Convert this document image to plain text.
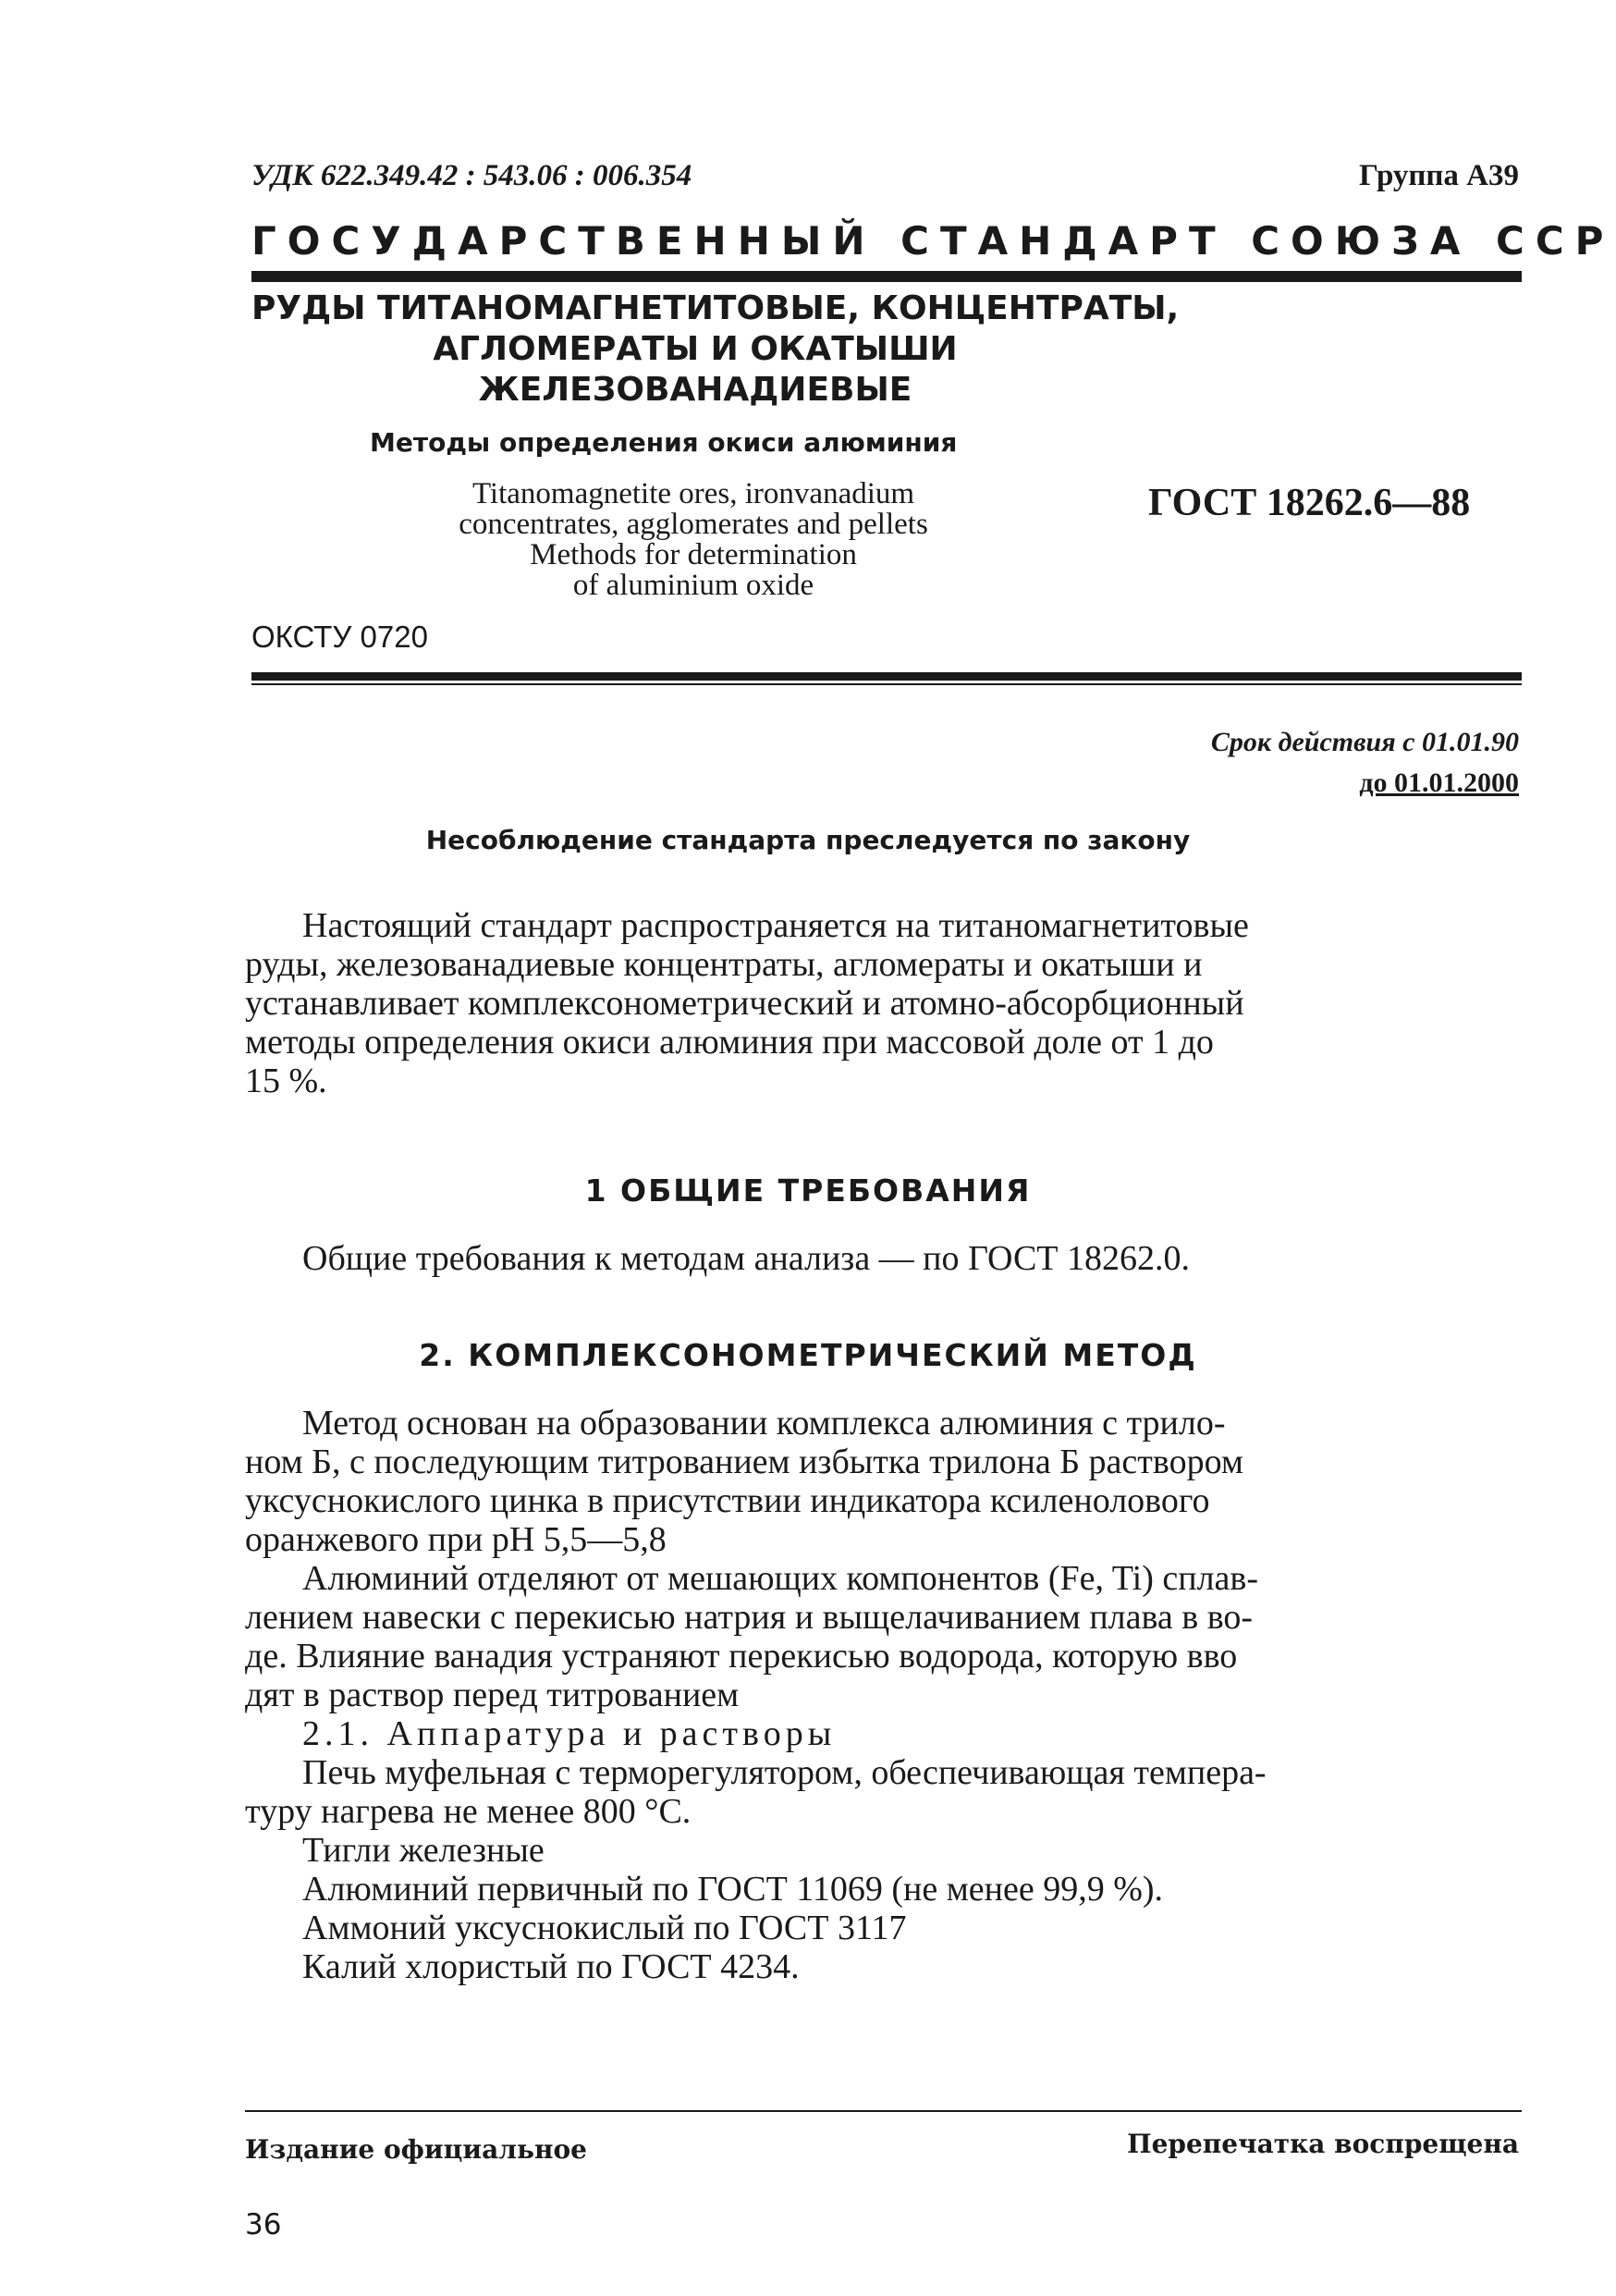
УДК 622.349.42 : 543.06 : 006.354	Группа А39
ГОСУДАРСТВЕННЫЙ СТАНДАРТ СОЮЗА ССР
РУДЫ ТИТАНОМАГНЕТИТОВЫЕ, КОНЦЕНТРАТЫ,
АГЛОМЕРАТЫ И ОКАТЫШИ
ЖЕЛЕЗОВАНАДИЕВЫЕ
Методы определения окиси алюминия
Titanomagnetite ores, ironvanadium
concentrates, agglomerates and pellets
Methods for determination
of aluminium oxide
ГОСТ 18262.6—88
ОКСТУ 0720
Срок действия с 01.01.90
до 01.01.2000
Несоблюдение стандарта преследуется по закону
Настоящий стандарт распространяется на титаномагнетитовые
руды, железованадиевые концентраты, агломераты и окатыши и
устанавливает комплексонометрический и атомно-абсорбционный
методы определения окиси алюминия при массовой доле от 1 до
15 %.
1 ОБЩИЕ ТРЕБОВАНИЯ
Общие требования к методам анализа — по ГОСТ 18262.0.
2. КОМПЛЕКСОНОМЕТРИЧЕСКИЙ МЕТОД
Метод основан на образовании комплекса алюминия с трило-
ном Б, с последующим титрованием избытка трилона Б раствором
уксуснокислого цинка в присутствии индикатора ксиленолового
оранжевого при pH 5,5—5,8
Алюминий отделяют от мешающих компонентов (Fe, Ti) сплав-
лением навески с перекисью натрия и выщелачиванием плава в во-
де. Влияние ванадия устраняют перекисью водорода, которую вво
дят в раствор перед титрованием
2.1. Аппаратура и растворы
Печь муфельная с терморегулятором, обеспечивающая темпера-
туру нагрева не менее 800 °С.
Тигли железные
Алюминий первичный по ГОСТ 11069 (не менее 99,9 %).
Аммоний уксуснокислый по ГОСТ 3117
Калий хлористый по ГОСТ 4234.
Издание официальное	Перепечатка воспрещена
36
